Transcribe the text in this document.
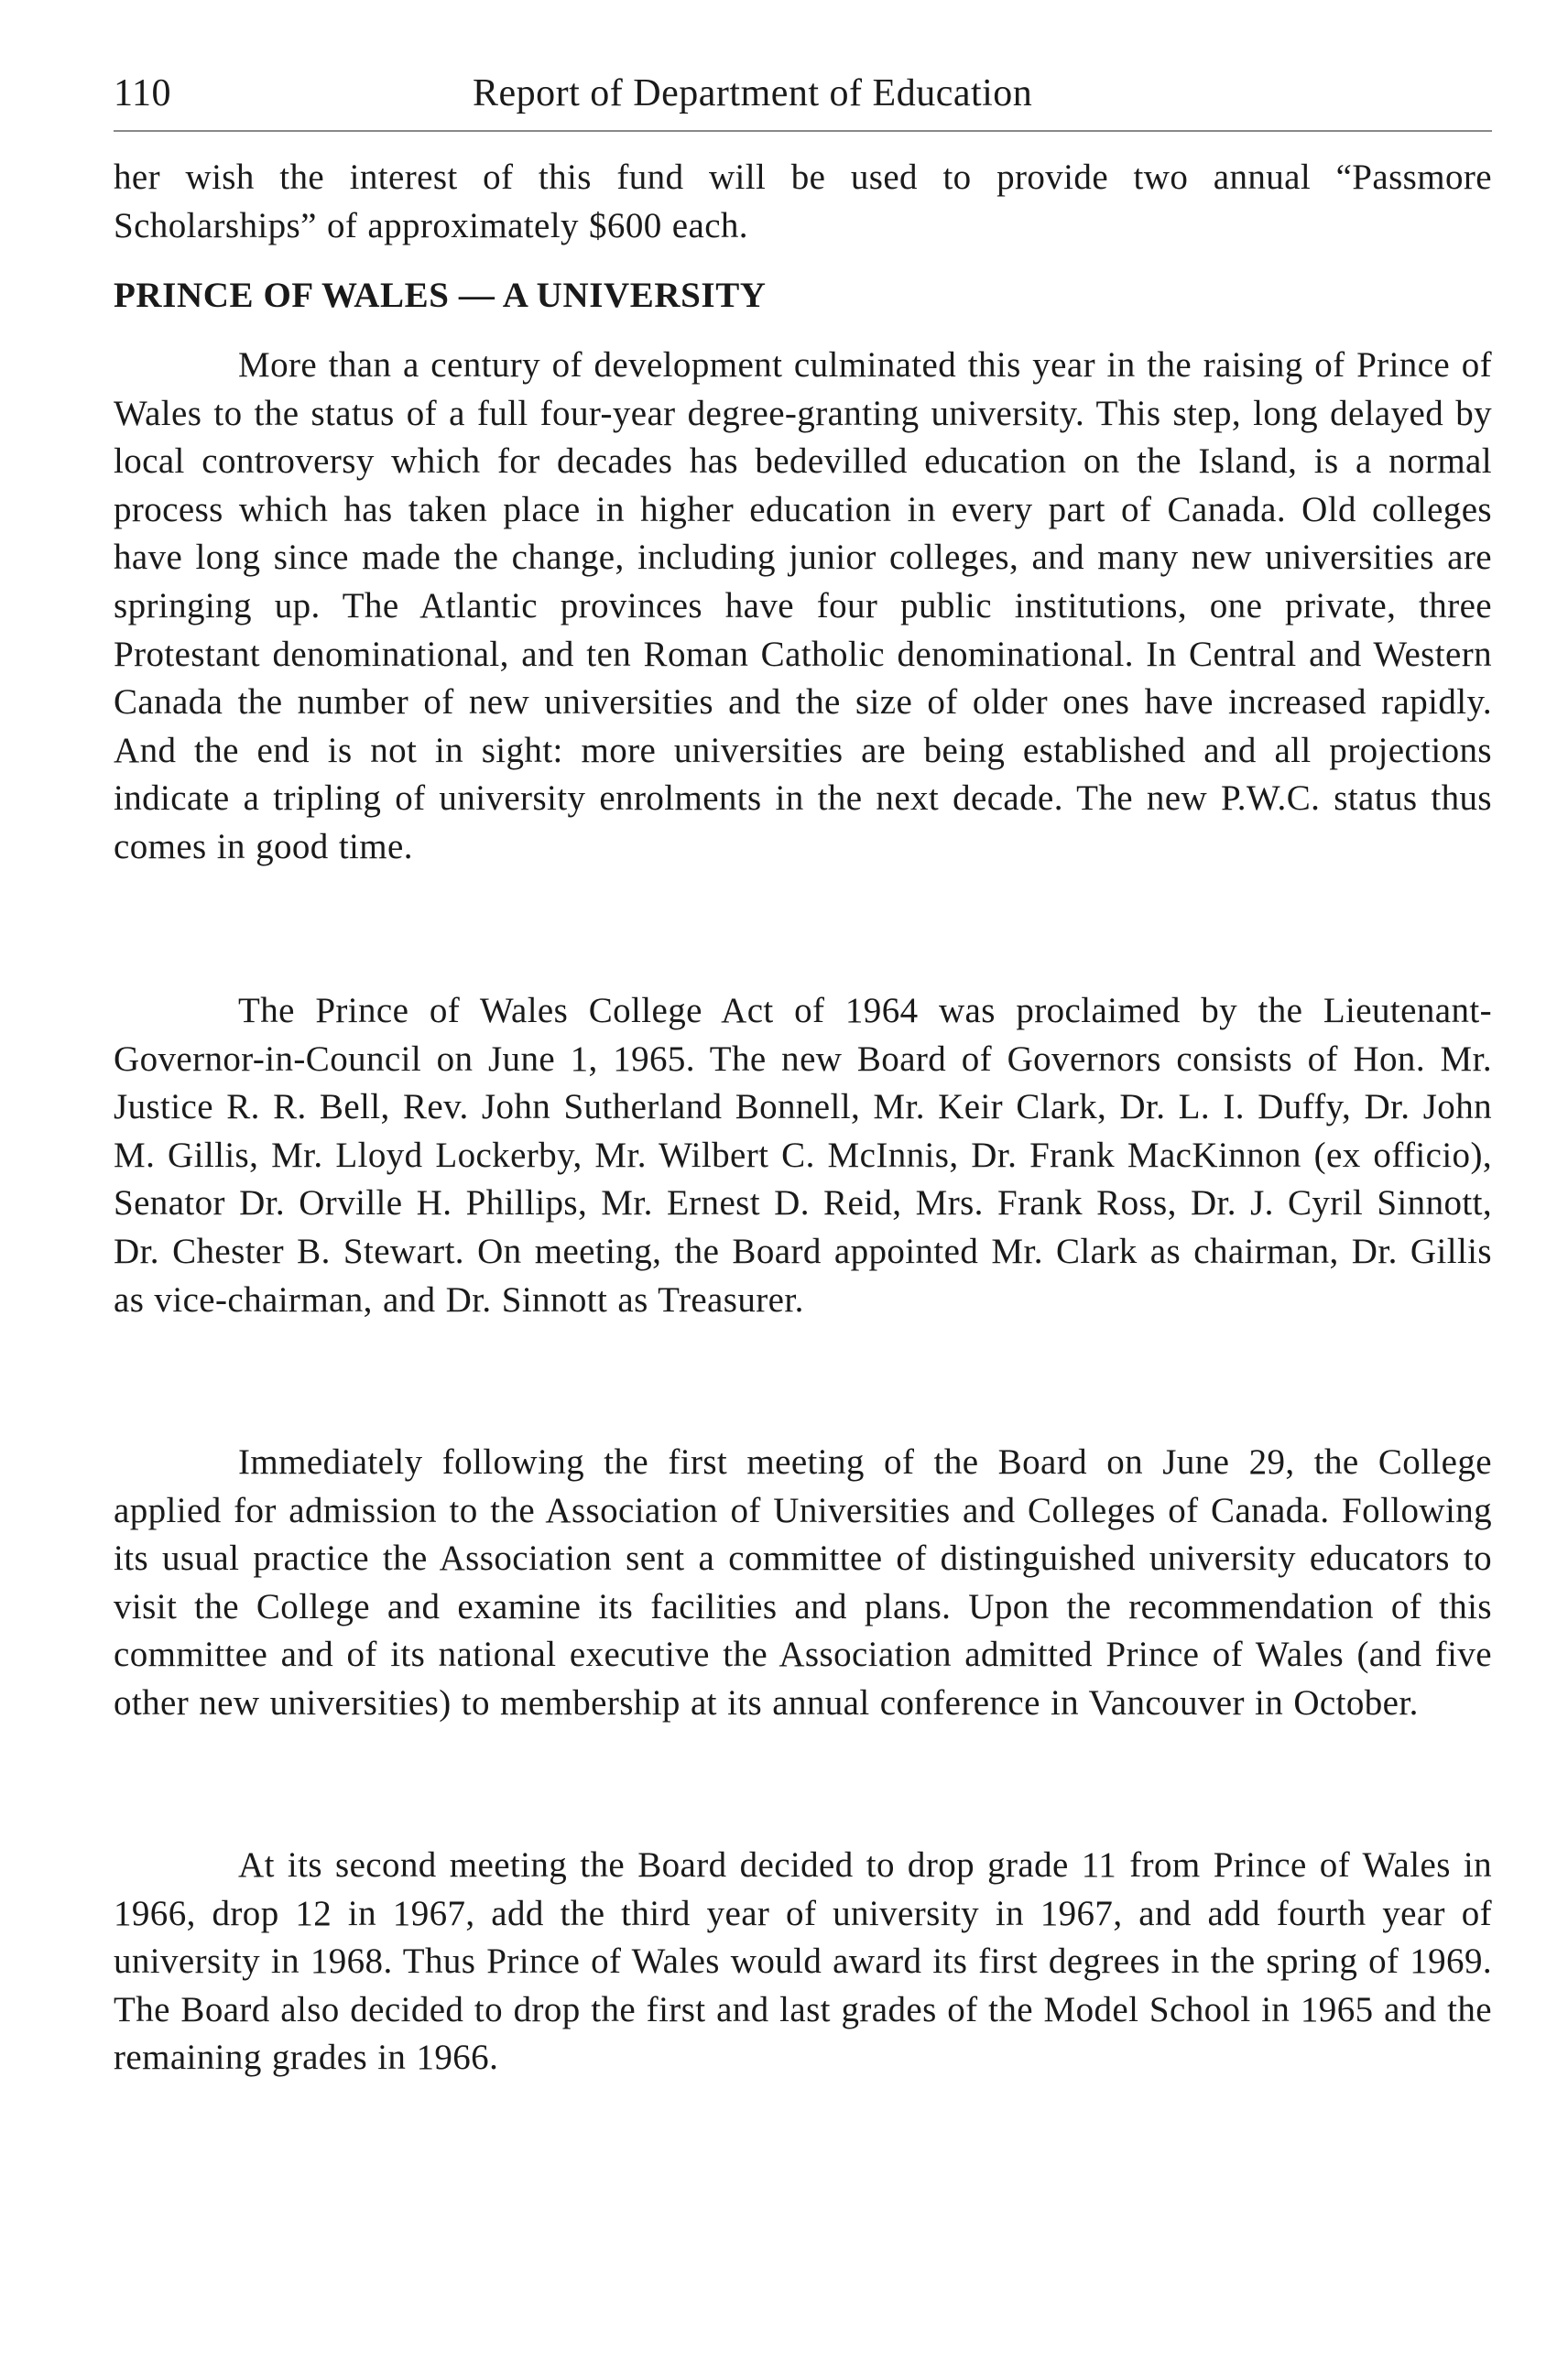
110	Report of Department of Education

her wish the interest of this fund will be used to provide two annual “Passmore Scholarships” of approximately $600 each.

PRINCE OF WALES — A UNIVERSITY

More than a century of development culminated this year in the raising of Prince of Wales to the status of a full four-year degree-granting university. This step, long delayed by local controversy which for decades has bedevilled education on the Island, is a normal process which has taken place in higher education in every part of Canada. Old colleges have long since made the change, including junior colleges, and many new universities are springing up. The Atlantic provinces have four public institutions, one private, three Protestant denominational, and ten Roman Catholic denominational. In Central and Western Canada the number of new universities and the size of older ones have increased rapidly. And the end is not in sight: more universities are being established and all projections indicate a tripling of university enrolments in the next decade. The new P.W.C. status thus comes in good time.

The Prince of Wales College Act of 1964 was proclaimed by the Lieutenant-Governor-in-Council on June 1, 1965. The new Board of Governors consists of Hon. Mr. Justice R. R. Bell, Rev. John Sutherland Bonnell, Mr. Keir Clark, Dr. L. I. Duffy, Dr. John M. Gillis, Mr. Lloyd Lockerby, Mr. Wilbert C. McInnis, Dr. Frank MacKinnon (ex officio), Senator Dr. Orville H. Phillips, Mr. Ernest D. Reid, Mrs. Frank Ross, Dr. J. Cyril Sinnott, Dr. Chester B. Stewart. On meeting, the Board appointed Mr. Clark as chairman, Dr. Gillis as vice-chairman, and Dr. Sinnott as Treasurer.

Immediately following the first meeting of the Board on June 29, the College applied for admission to the Association of Universities and Colleges of Canada. Following its usual practice the Association sent a committee of distinguished university educators to visit the College and examine its facilities and plans. Upon the recommendation of this committee and of its national executive the Association admitted Prince of Wales (and five other new universities) to membership at its annual conference in Vancouver in October.

At its second meeting the Board decided to drop grade 11 from Prince of Wales in 1966, drop 12 in 1967, add the third year of university in 1967, and add fourth year of university in 1968. Thus Prince of Wales would award its first degrees in the spring of 1969. The Board also decided to drop the first and last grades of the Model School in 1965 and the remaining grades in 1966.
